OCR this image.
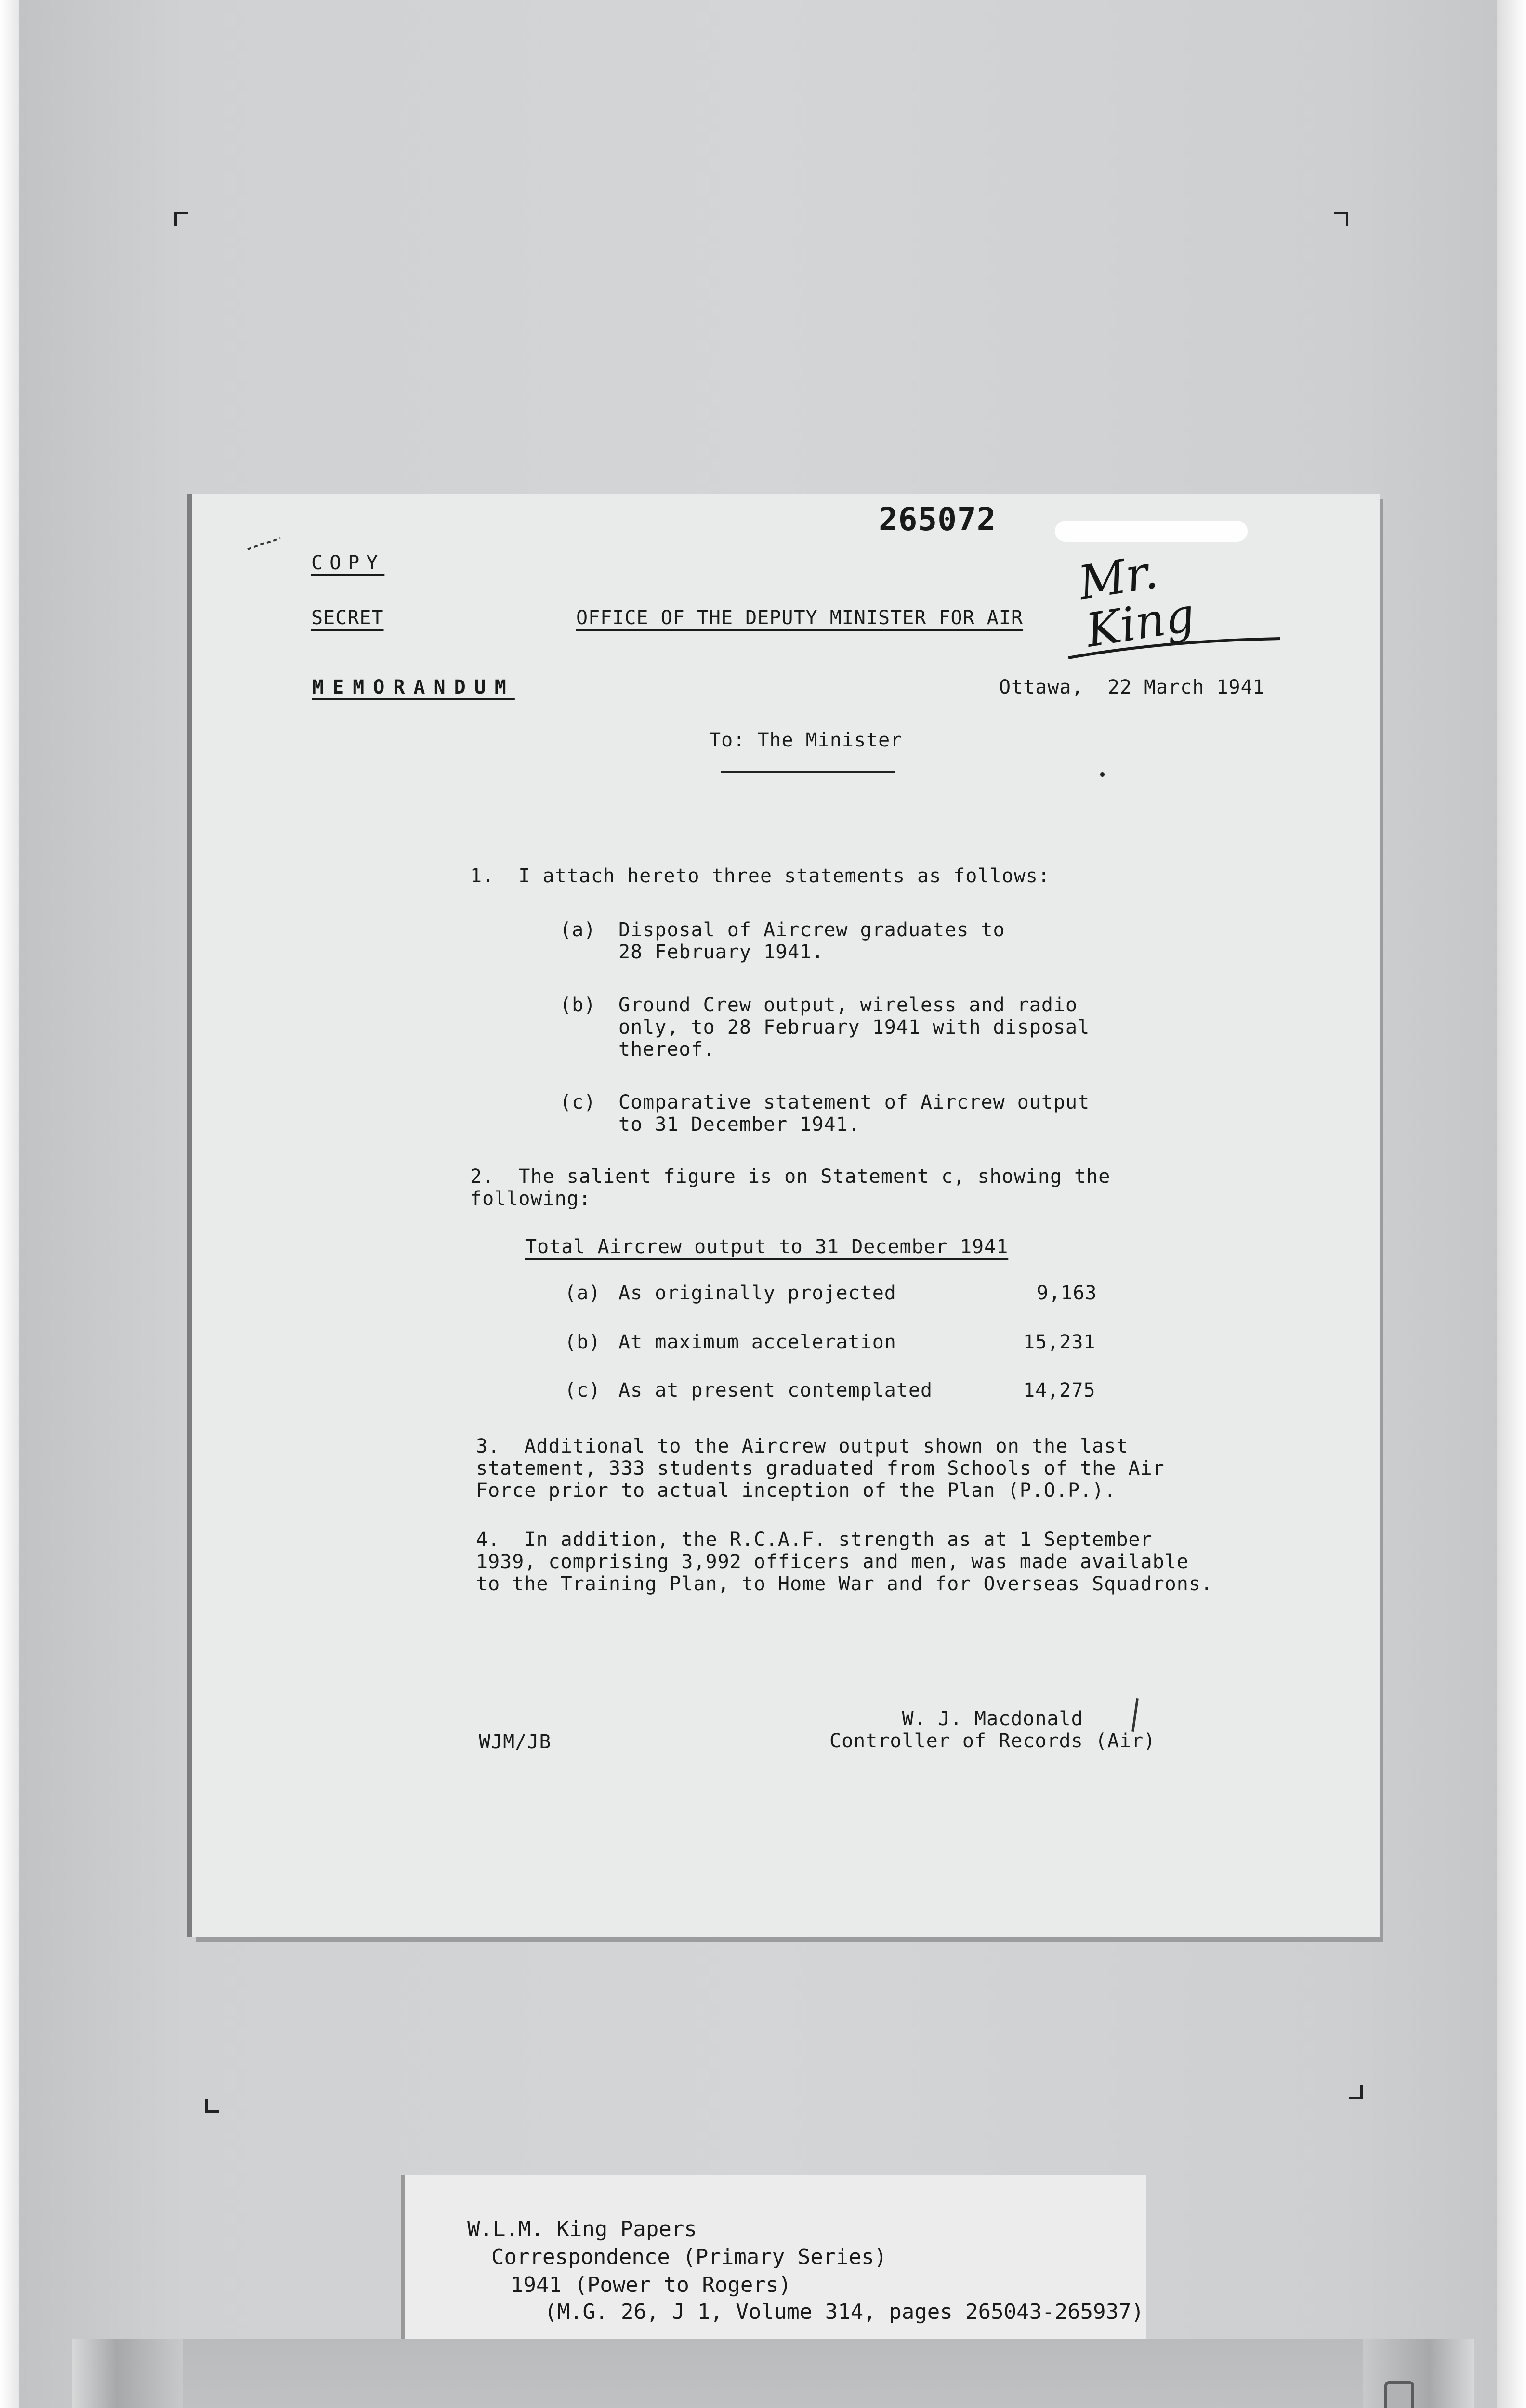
265072
Mr. King
COPY
SECRET	OFFICE OF THE DEPUTY MINISTER FOR AIR
MEMORANDUM	Ottawa,  22 March 1941
To: The Minister
1.  I attach hereto three statements as follows:
(a) Disposal of Aircrew graduates to
28 February 1941.
(b) Ground Crew output, wireless and radio
only, to 28 February 1941 with disposal
thereof.
(c) Comparative statement of Aircrew output
to 31 December 1941.
2.  The salient figure is on Statement c, showing the
following:
Total Aircrew output to 31 December 1941
(a) As originally projected	9,163
(b) At maximum acceleration	15,231
(c) As at present contemplated	14,275
3.  Additional to the Aircrew output shown on the last
statement, 333 students graduated from Schools of the Air
Force prior to actual inception of the Plan (P.O.P.).
4.  In addition, the R.C.A.F. strength as at 1 September
1939, comprising 3,992 officers and men, was made available
to the Training Plan, to Home War and for Overseas Squadrons.
WJM/JB
W. J. Macdonald
Controller of Records (Air)
W.L.M. King Papers
Correspondence (Primary Series)
1941 (Power to Rogers)
(M.G. 26, J 1, Volume 314, pages 265043-265937)
